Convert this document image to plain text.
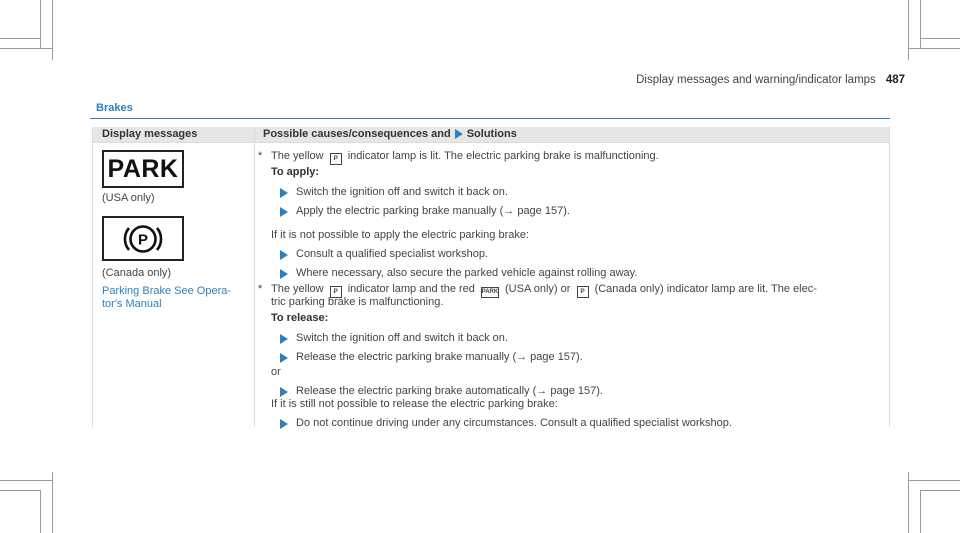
Display messages and warning/indicator lamps 487
Brakes
Display messages	Possible causes/consequences and Solutions
PARK
(USA only)
P
(Canada only)
Parking Brake See Opera-
tor's Manual
* The yellow P indicator lamp is lit. The electric parking brake is malfunctioning.
To apply:
Switch the ignition off and switch it back on.
Apply the electric parking brake manually (→ page 157).
If it is not possible to apply the electric parking brake:
Consult a qualified specialist workshop.
Where necessary, also secure the parked vehicle against rolling away.
* The yellow P indicator lamp and the red PARK (USA only) or P (Canada only) indicator lamp are lit. The elec-
tric parking brake is malfunctioning.
To release:
Switch the ignition off and switch it back on.
Release the electric parking brake manually (→ page 157).
or
Release the electric parking brake automatically (→ page 157).
If it is still not possible to release the electric parking brake:
Do not continue driving under any circumstances. Consult a qualified specialist workshop.
